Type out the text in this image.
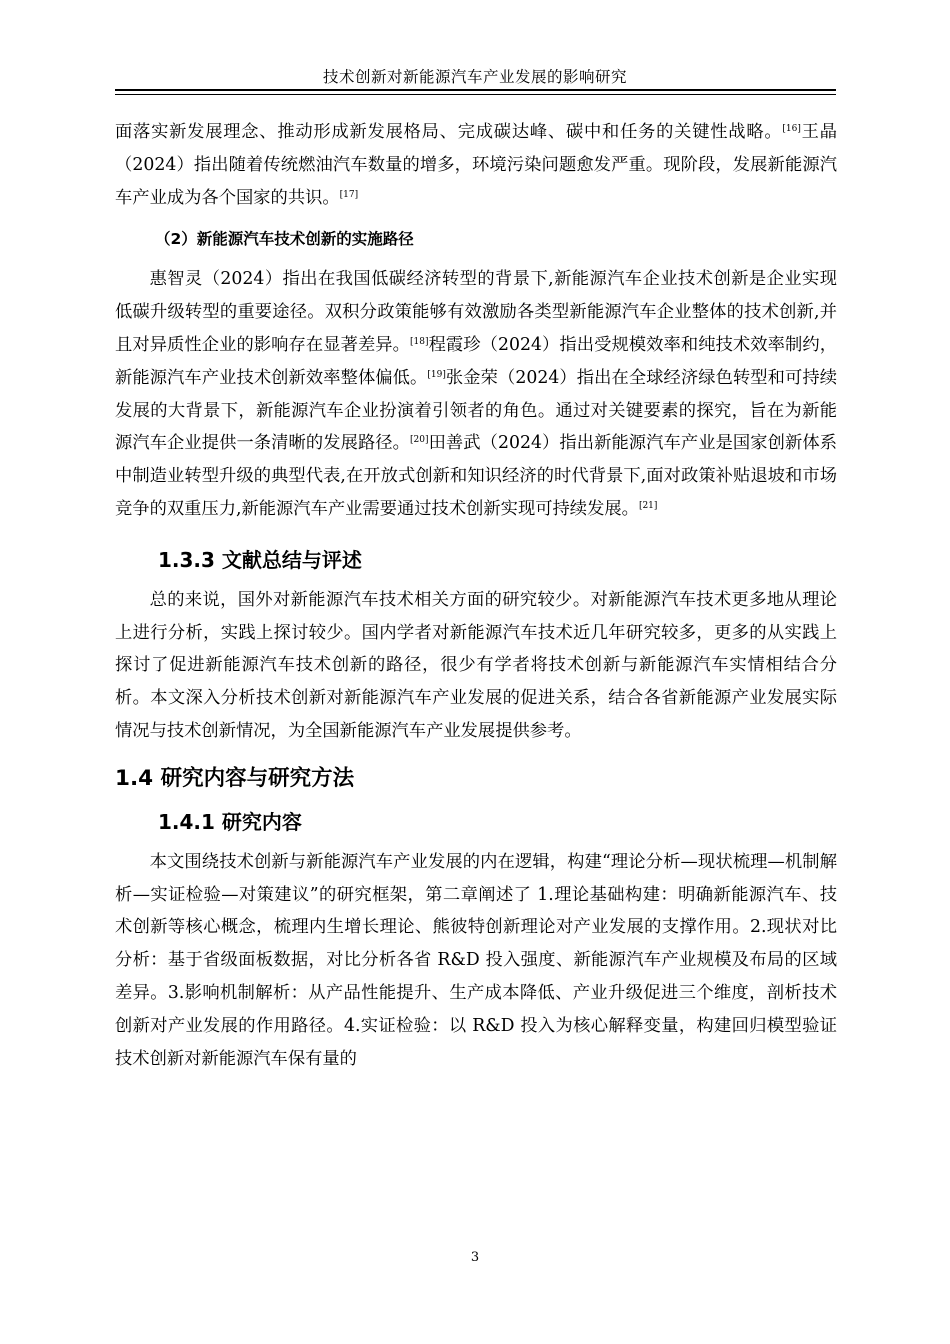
技术创新对新能源汽车产业发展的影响研究

面落实新发展理念、推动形成新发展格局、完成碳达峰、碳中和任务的关键性战略。[16]王晶（2024）指出随着传统燃油汽车数量的增多，环境污染问题愈发严重。现阶段，发展新能源汽车产业成为各个国家的共识。[17]

（2）新能源汽车技术创新的实施路径

惠智灵（2024）指出在我国低碳经济转型的背景下,新能源汽车企业技术创新是企业实现低碳升级转型的重要途径。双积分政策能够有效激励各类型新能源汽车企业整体的技术创新,并且对异质性企业的影响存在显著差异。[18]程霞珍（2024）指出受规模效率和纯技术效率制约，新能源汽车产业技术创新效率整体偏低。[19]张金荣（2024）指出在全球经济绿色转型和可持续发展的大背景下，新能源汽车企业扮演着引领者的角色。通过对关键要素的探究，旨在为新能源汽车企业提供一条清晰的发展路径。[20]田善武（2024）指出新能源汽车产业是国家创新体系中制造业转型升级的典型代表,在开放式创新和知识经济的时代背景下,面对政策补贴退坡和市场竞争的双重压力,新能源汽车产业需要通过技术创新实现可持续发展。[21]

1.3.3 文献总结与评述

总的来说，国外对新能源汽车技术相关方面的研究较少。对新能源汽车技术更多地从理论上进行分析，实践上探讨较少。国内学者对新能源汽车技术近几年研究较多，更多的从实践上探讨了促进新能源汽车技术创新的路径，很少有学者将技术创新与新能源汽车实情相结合分析。本文深入分析技术创新对新能源汽车产业发展的促进关系，结合各省新能源产业发展实际情况与技术创新情况，为全国新能源汽车产业发展提供参考。

1.4 研究内容与研究方法
1.4.1 研究内容

本文围绕技术创新与新能源汽车产业发展的内在逻辑，构建“理论分析—现状梳理—机制解析—实证检验—对策建议”的研究框架，第二章阐述了 1.理论基础构建：明确新能源汽车、技术创新等核心概念，梳理内生增长理论、熊彼特创新理论对产业发展的支撑作用。2.现状对比分析：基于省级面板数据，对比分析各省 R&D 投入强度、新能源汽车产业规模及布局的区域差异。3.影响机制解析：从产品性能提升、生产成本降低、产业升级促进三个维度，剖析技术创新对产业发展的作用路径。4.实证检验：以 R&D 投入为核心解释变量，构建回归模型验证技术创新对新能源汽车保有量的

3
